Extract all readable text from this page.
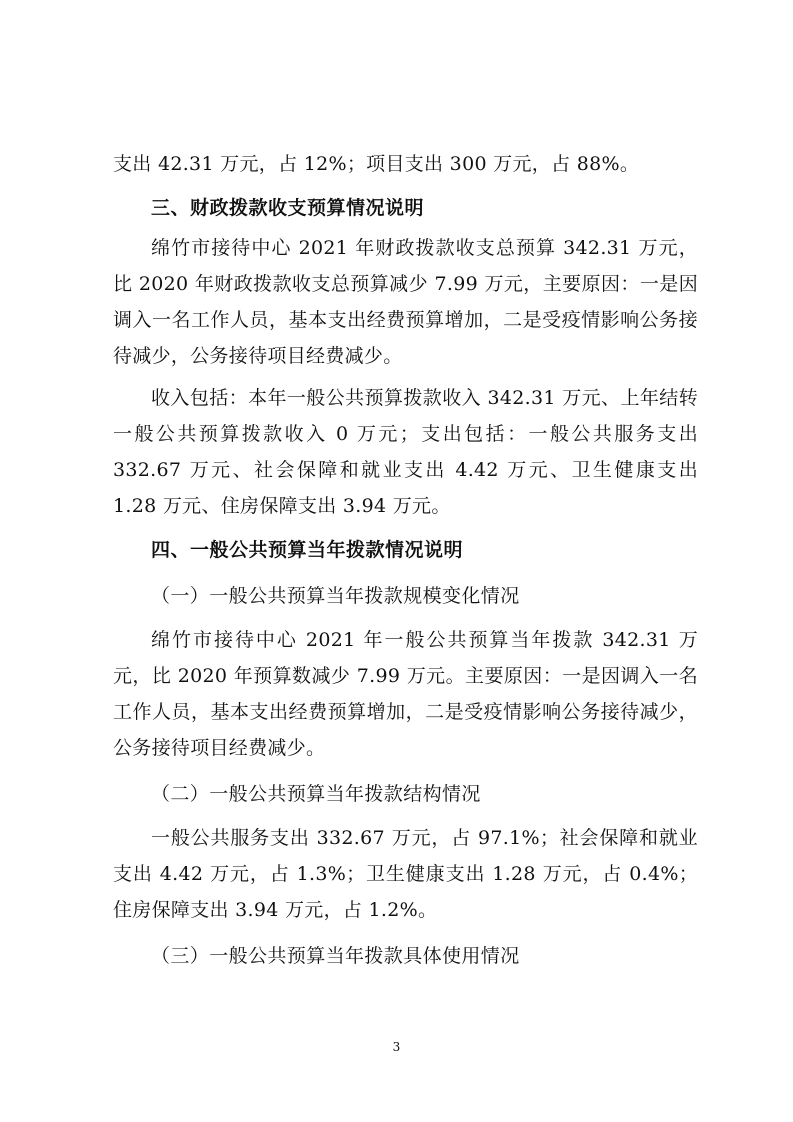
支出 42.31 万元，占 12%；项目支出 300 万元，占 88%。

三、财政拨款收支预算情况说明

绵竹市接待中心 2021 年财政拨款收支总预算 342.31 万元，比 2020 年财政拨款收支总预算减少 7.99 万元，主要原因：一是因调入一名工作人员，基本支出经费预算增加，二是受疫情影响公务接待减少，公务接待项目经费减少。

收入包括：本年一般公共预算拨款收入 342.31 万元、上年结转一般公共预算拨款收入 0 万元；支出包括：一般公共服务支出 332.67 万元、社会保障和就业支出 4.42 万元、卫生健康支出 1.28 万元、住房保障支出 3.94 万元。

四、一般公共预算当年拨款情况说明

（一）一般公共预算当年拨款规模变化情况

绵竹市接待中心 2021 年一般公共预算当年拨款 342.31 万元，比 2020 年预算数减少 7.99 万元。主要原因：一是因调入一名工作人员，基本支出经费预算增加，二是受疫情影响公务接待减少，公务接待项目经费减少。

（二）一般公共预算当年拨款结构情况

一般公共服务支出 332.67 万元，占 97.1%；社会保障和就业支出 4.42 万元，占 1.3%；卫生健康支出 1.28 万元，占 0.4%；住房保障支出 3.94 万元，占 1.2%。

（三）一般公共预算当年拨款具体使用情况

3
